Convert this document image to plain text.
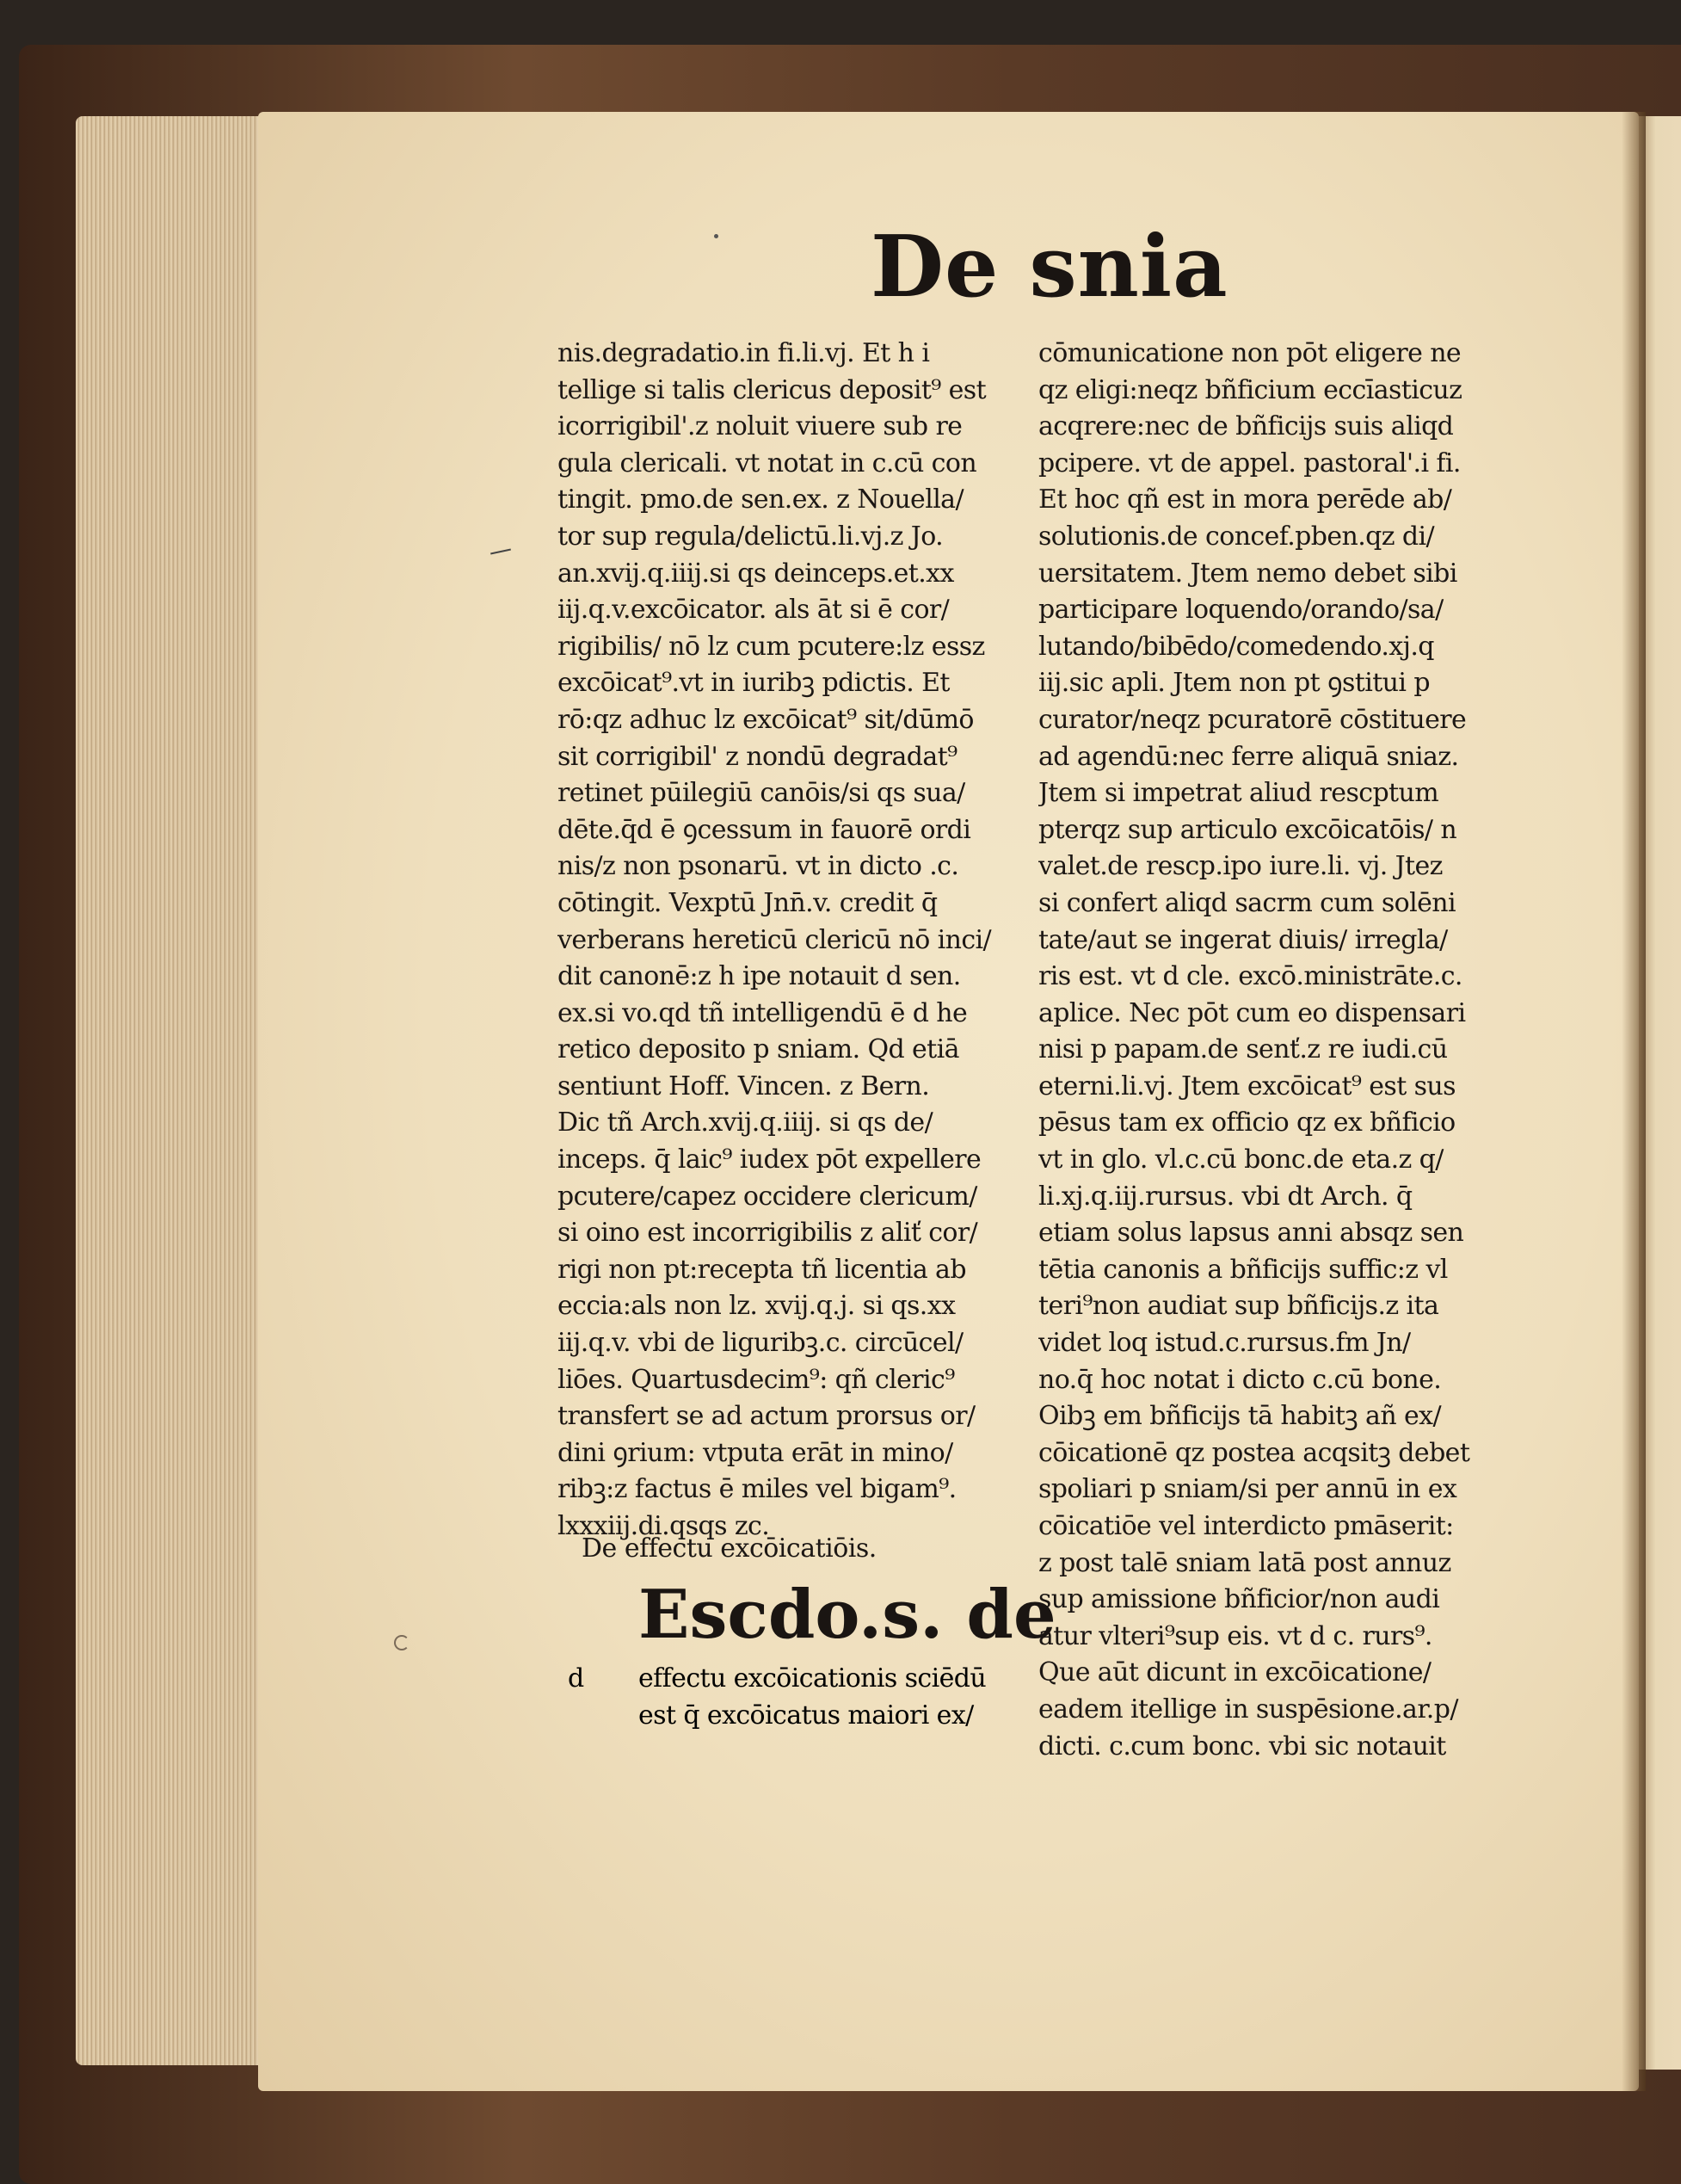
De snia
nis.degradatio.in fi.li.vj. Et h i
tellige si talis clericus deposit⁹ est
icorrigibil'.z noluit viuere sub re
gula clericali. vt notat in c.cū con
tingit. pmo.de sen.ex. z Nouella/
tor sup regula/delictū.li.vj.z Jo.
an.xvij.q.iiij.si qs deinceps.et.xx
iij.q.v.excōicator. als āt si ē cor/
rigibilis/ nō lz cum pcutere:lz essz
excōicat⁹.vt in iuribꝫ pdictis. Et
rō:qz adhuc lz excōicat⁹ sit/dūmō
sit corrigibil' z nondū degradat⁹
retinet pūilegiū canōis/si qs sua/
dēte.q̄d ē ꝯcessum in fauorē ordi
nis/z non psonarū. vt in dicto .c.
cōtingit. Vexptū Jnn̄.v. credit q̄
verberans hereticū clericū nō inci/
dit canonē:z h ipe notauit d sen.
ex.si vo.qd tñ intelligendū ē d he
retico deposito p sniam. Qd etiā
sentiunt Hoff. Vincen. z Bern.
Dic tñ Arch.xvij.q.iiij. si qs de/
inceps. q̄ laic⁹ iudex pōt expellere
pcutere/capez occidere clericum/
si oino est incorrigibilis z aliť cor/
rigi non pt:recepta tñ licentia ab
eccia:als non lz. xvij.q.j. si qs.xx
iij.q.v. vbi de liguribꝫ.c. circūcel/
liōes. Quartusdecim⁹: qñ cleric⁹
transfert se ad actum prorsus or/
dini ꝯrium: vtputa erāt in mino/
ribꝫ:z factus ē miles vel bigam⁹.
lxxxiij.di.qsqs zc.
cōmunicatione non pōt eligere ne
qz eligi:neqz bñficium eccīasticuz
acqrere:nec de bñficijs suis aliqd
pcipere. vt de appel. pastoral'.i fi.
Et hoc qñ est in mora perēde ab/
solutionis.de concef.pben.qz di/
uersitatem. Jtem nemo debet sibi
participare loquendo/orando/sa/
lutando/bibēdo/comedendo.xj.q
iij.sic apli. Jtem non pt ꝯstitui p
curator/neqz pcuratorē cōstituere
ad agendū:nec ferre aliquā sniaz.
Jtem si impetrat aliud rescptum
pterqz sup articulo excōicatōis/ n
valet.de rescp.ipo iure.li. vj. Jtez
si confert aliqd sacrm cum solēni
tate/aut se ingerat diuis/ irregla/
ris est. vt d cle. excō.ministrāte.c.
aplice. Nec pōt cum eo dispensari
nisi p papam.de senť.z re iudi.cū
eterni.li.vj. Jtem excōicat⁹ est sus
pēsus tam ex officio qz ex bñficio
vt in glo. vl.c.cū bonc.de eta.z q/
li.xj.q.iij.rursus. vbi dt Arch. q̄
etiam solus lapsus anni absqz sen
tētia canonis a bñficijs suffic:z vl
teri⁹non audiat sup bñficijs.z ita
videt loq istud.c.rursus.fm Jn/
no.q̄ hoc notat i dicto c.cū bone.
Oibꝫ em bñficijs tā habitꝫ añ ex/
cōicationē qz postea acqsitꝫ debet
spoliari p sniam/si per annū in ex
cōicatiōe vel interdicto pmāserit:
z post talē sniam latā post annuz
sup amissione bñficior/non audi
atur vlteri⁹sup eis. vt d c. rurs⁹.
Que aūt dicunt in excōicatione/
eadem itellige in suspēsione.ar.p/
dicti. c.cum bonc. vbi sic notauit
De effectu excōicatiōis.
Escdo.s. de
d effectu excōicationis sciēdū
est q̄ excōicatus maiori ex/
